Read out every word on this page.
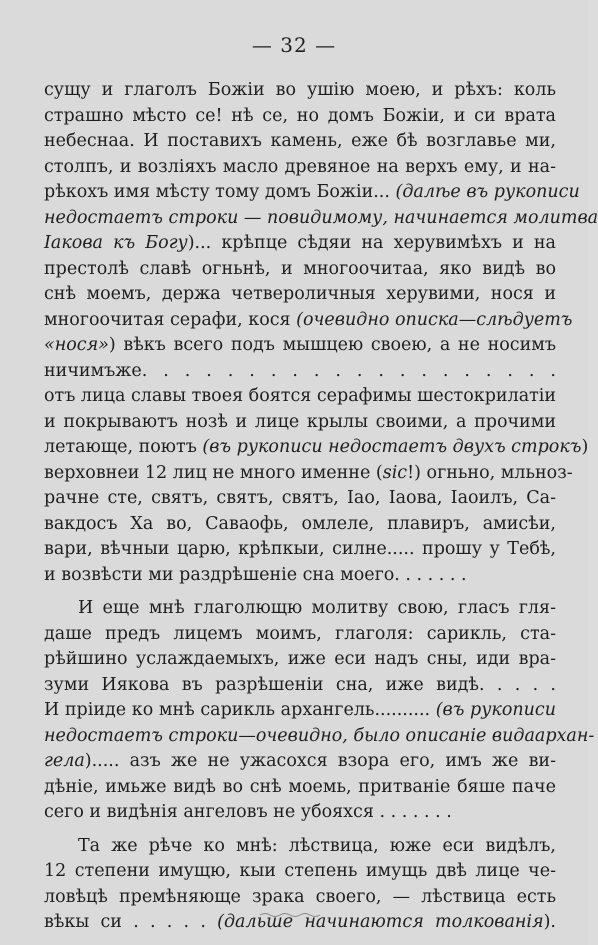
— 32 —
сущу и глаголъ Божiи во ушiю моею, и рѣхъ: коль
страшно мѣсто се! нѣ се, но домъ Божiи, и си врата
небеснаа. И поставихъ камень, еже бѣ возглавье ми,
столпъ, и возліяхъ масло древяное на верхъ ему, и на-
рѣкохъ имя мѣсту тому домъ Божiи... (далѣе въ рукописи
недостаетъ строки — повидимому, начинается молитва
Іакова къ Богу)... крѣпце сѣдяи на херувимѣхъ и на
престолѣ славѣ огньнѣ, и многоочитаа, яко видѣ во
снѣ моемъ, держа четвероличныя херувими, нося и
многоочитая серафи, кося (очевидно описка—слѣдуетъ
«нося») вѣкъ всего подъ мышцею своею, а не носимъ
ничимъже. . . . . . . . . . . . . . . . . . . .
отъ лица славы твоея боятся серафимы шестокрилатіи
и покрываютъ нозѣ и лице крылы своими, а прочими
летающе, поютъ (въ рукописи недостаетъ двухъ строкъ)
верховнеи 12 лиц не много именне (sic!) огньно, мльноз-
рачне сте, святъ, святъ, святъ, Іао, Іаова, Іаоилъ, Са-
вакдосъ Ха во, Саваофь, омлеле, плавиръ, амисѣи,
вари, вѣчныи царю, крѣпкыи, силне..... прошу у Тебѣ,
и возвѣсти ми раздрѣшеніе сна моего. . . . . . .
И еще мнѣ глаголющю молитву свою, гласъ гля-
даше предъ лицемъ моимъ, глаголя: сарикль, ста-
рѣйшино услаждаемыхъ, иже еси надъ сны, иди вра-
зуми Иякова въ разрѣшеніи сна, иже видѣ. . . . .
И пріиде ко мнѣ сарикль архангель.......... (въ рукописи
недостаетъ строки—очевидно, было описаніе видаархан-
гела)..... азъ же не ужасохся взора его, имъ же ви-
дѣніе, имьже видѣ во снѣ моемь, притваніе бяше паче
сего и видѣнія ангеловъ не убояхся . . . . . . .
Та же рѣче ко мнѣ: лѣствица, юже еси видѣлъ,
12 степени имущю, кыи степень имущь двѣ лице че-
ловѣцѣ премѣняюще зрака своего, — лѣствица есть
вѣкы си . . . . . (дальше начинаются толкованія).
